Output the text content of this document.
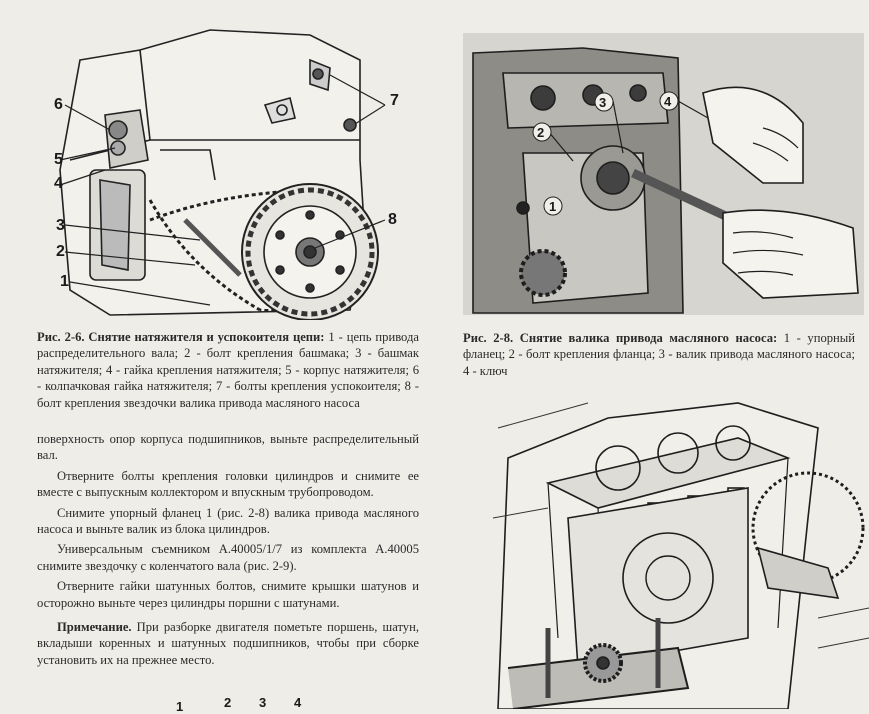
6
5
4
3
2
1
7
8
2
3	4
1
Рис. 2-6. Снятие натяжителя и успокоителя цепи: 1 - цепь привода распределительного вала; 2 - болт крепления башмака; 3 - башмак натяжителя; 4 - гайка крепления натяжителя; 5 - корпус натяжителя; 6 - колпачковая гайка натяжителя; 7 - болты крепления успокоителя; 8 - болт крепления звездочки валика привода масляного насоса
Рис. 2-8. Снятие валика привода масляного насоса: 1 - упорный фланец; 2 - болт крепления фланца; 3 - валик привода масляного насоса; 4 - ключ

поверхность опор корпуса подшипников, выньте распределительный вал.

Отверните болты крепления головки цилиндров и снимите ее вместе с выпускным коллектором и впускным трубопроводом.

Снимите упорный фланец 1 (рис. 2-8) валика привода масляного насоса и выньте валик из блока цилиндров.

Универсальным съемником А.40005/1/7 из комплекта А.40005 снимите звездочку с коленчатого вала (рис. 2-9).

Отверните гайки шатунных болтов, снимите крышки шатунов и осторожно выньте через цилиндры поршни с шатунами.

Примечание. При разборке двигателя пометьте поршень, шатун, вкладыши коренных и шатунных подшипников, чтобы при сборке установить их на прежнее место.

1	2 3 4
